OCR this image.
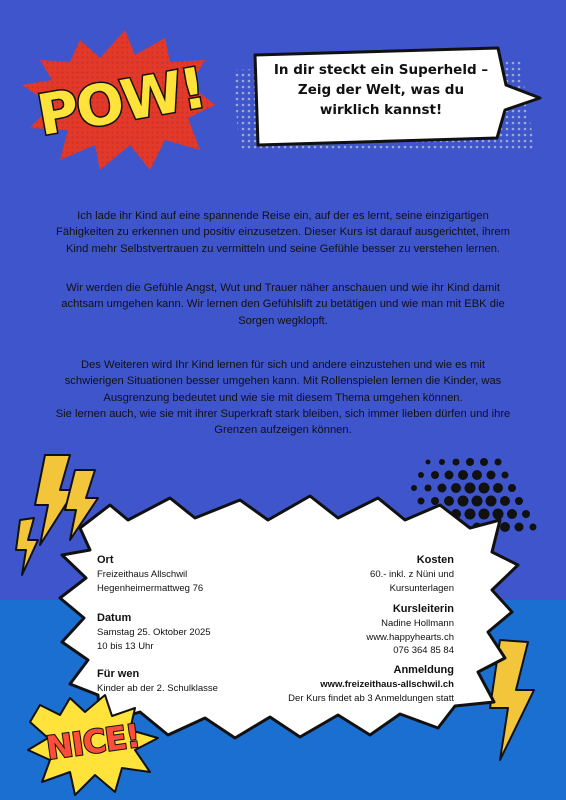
POW!	In dir steckt ein Superheld –
Zeig der Welt, was du
wirklich kannst!
Ich lade ihr Kind auf eine spannende Reise ein, auf der es lernt, seine einzigartigen
Fähigkeiten zu erkennen und positiv einzusetzen. Dieser Kurs ist darauf ausgerichtet, ihrem
Kind mehr Selbstvertrauen zu vermitteln und seine Gefühle besser zu verstehen lernen.
Wir werden die Gefühle Angst, Wut und Trauer näher anschauen und wie ihr Kind damit
achtsam umgehen kann. Wir lernen den Gefühlslift zu betätigen und wie man mit EBK die
Sorgen wegklopft.
Des Weiteren wird Ihr Kind lernen für sich und andere einzustehen und wie es mit
schwierigen Situationen besser umgehen kann. Mit Rollenspielen lernen die Kinder, was
Ausgrenzung bedeutet und wie sie mit diesem Thema umgehen können.
Sie lernen auch, wie sie mit ihrer Superkraft stark bleiben, sich immer lieben dürfen und ihre
Grenzen aufzeigen können.
Ort
Freizeithaus Allschwil
Hegenheimermattweg 76
Datum
Samstag 25. Oktober 2025
10 bis 13 Uhr
Für wen
Kinder ab der 2. Schulklasse
Kosten
60.- inkl. z Nüni und
Kursunterlagen
Kursleiterin
Nadine Hollmann
www.happyhearts.ch
076 364 85 84
Anmeldung
www.freizeithaus-allschwil.ch
Der Kurs findet ab 3 Anmeldungen statt
NICE!
